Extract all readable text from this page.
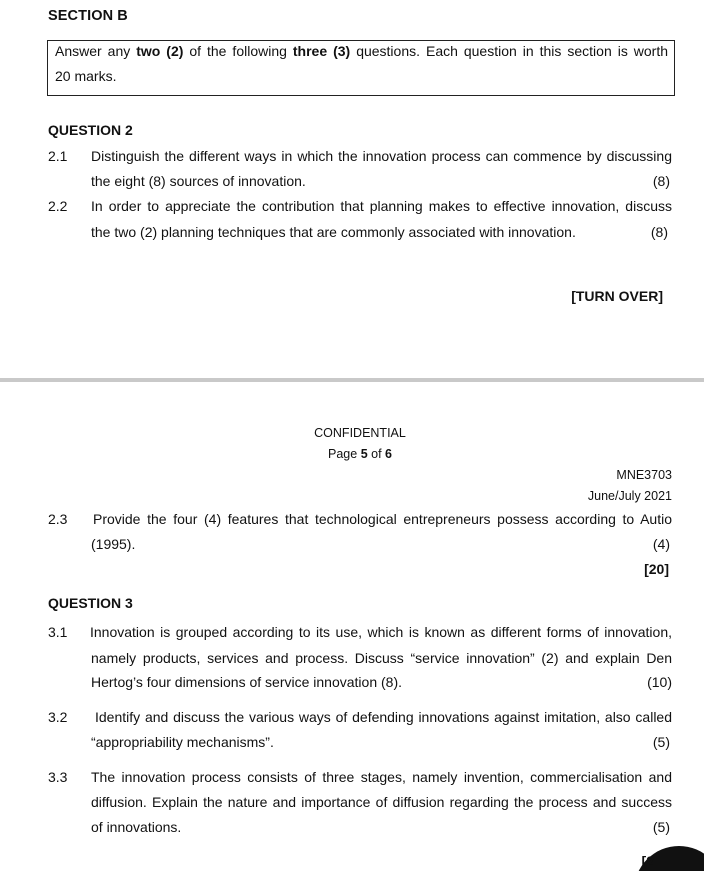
SECTION B
Answer any two (2) of the following three (3) questions. Each question in this section is worth
20 marks.
QUESTION 2
2.1 Distinguish the different ways in which the innovation process can commence by discussing
the eight (8) sources of innovation.	(8)
2.2 In order to appreciate the contribution that planning makes to effective innovation, discuss
the two (2) planning techniques that are commonly associated with innovation.	(8)
[TURN OVER]
CONFIDENTIAL
Page 5 of 6
MNE3703
June/July 2021
2.3 Provide the four (4) features that technological entrepreneurs possess according to Autio
(1995).	(4)
[20]
QUESTION 3
3.1 Innovation is grouped according to its use, which is known as different forms of innovation,
namely products, services and process. Discuss “service innovation” (2) and explain Den
Hertog’s four dimensions of service innovation (8).	(10)
3.2 Identify and discuss the various ways of defending innovations against imitation, also called
“appropriability mechanisms”.	(5)
3.3 The innovation process consists of three stages, namely invention, commercialisation and
diffusion. Explain the nature and importance of diffusion regarding the process and success
of innovations.	(5)
[2
